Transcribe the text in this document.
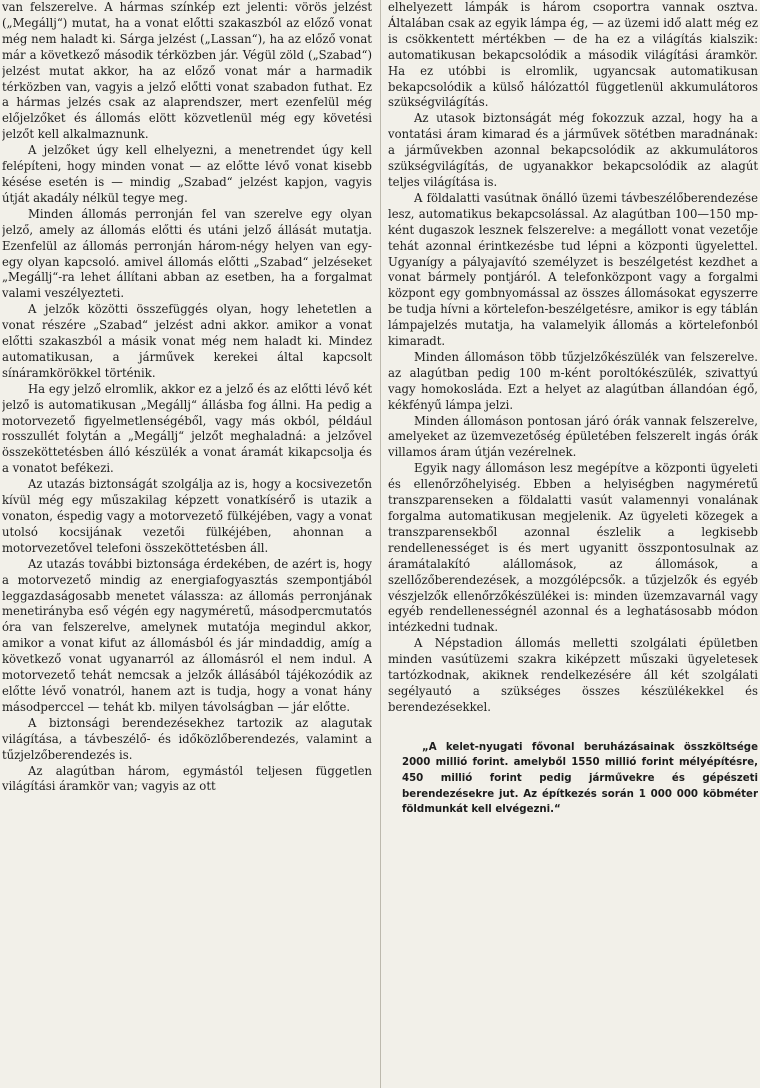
van felszerelve. A hármas színkép ezt jelenti: vörös jelzést („Megállj“) mutat, ha a vonat előtti szakaszból az előző vonat még nem haladt ki. Sárga jelzést („Lassan“), ha az előző vonat már a következő második térközben jár. Végül zöld („Szabad“) jelzést mutat akkor, ha az előző vonat már a harmadik térközben van, vagyis a jelző előtti vonat szabadon futhat. Ez a hármas jelzés csak az alaprendszer, mert ezenfelül még előjelzőket és állomás elött közvetlenül még egy követési jelzőt kell alkalmaznunk.

A jelzőket úgy kell elhelyezni, a menetrendet úgy kell felépíteni, hogy minden vonat — az előtte lévő vonat kisebb késése esetén is — mindig „Szabad“ jelzést kapjon, vagyis útját akadály nélkül tegye meg.

Minden állomás perronján fel van szerelve egy olyan jelző, amely az állomás előtti és utáni jelző állását mutatja. Ezenfelül az állomás perronján három-négy helyen van egy-egy olyan kapcsoló. amivel állomás előtti „Szabad“ jelzéseket „Megállj“-ra lehet állítani abban az esetben, ha a forgalmat valami veszélyezteti.

A jelzők közötti összefüggés olyan, hogy lehetetlen a vonat részére „Szabad“ jelzést adni akkor. amikor a vonat előtti szakaszból a másik vonat még nem haladt ki. Mindez automatikusan, a járművek kerekei által kapcsolt sínáramkörökkel történik.

Ha egy jelző elromlik, akkor ez a jelző és az előtti lévő két jelző is automatikusan „Megállj“ állásba fog állni. Ha pedig a motorvezető figyelmetlenségéből, vagy más okból, például rosszullét folytán a „Megállj“ jelzőt meghaladná: a jelzővel összeköttetésben álló készülék a vonat áramát kikapcsolja és a vonatot befékezi.

Az utazás biztonságát szolgálja az is, hogy a kocsivezetőn kívül még egy műszakilag képzett vonatkísérő is utazik a vonaton, éspedig vagy a motorvezető fülkéjében, vagy a vonat utolsó kocsijának vezetői fülkéjében, ahonnan a motorvezetővel telefoni összeköttetésben áll.

Az utazás további biztonsága érdekében, de azért is, hogy a motorvezető mindig az energiafogyasztás szempontjából leggazdaságosabb menetet válassza: az állomás perronjának menetirányba eső végén egy nagyméretű, másodpercmutatós óra van felszerelve, amelynek mutatója megindul akkor, amikor a vonat kifut az állomásból és jár mindaddig, amíg a következő vonat ugyanarról az állomásról el nem indul. A motorvezető tehát nemcsak a jelzők állásából tájékozódik az előtte lévő vonatról, hanem azt is tudja, hogy a vonat hány másodperccel — tehát kb. milyen távolságban — jár előtte.

A biztonsági berendezésekhez tartozik az alagutak világítása, a távbeszélő- és időközlőberendezés, valamint a tűzjelzőberendezés is.

Az alagútban három, egymástól teljesen független világítási áramkör van; vagyis az ott

elhelyezett lámpák is három csoportra vannak osztva. Általában csak az egyik lámpa ég, — az üzemi idő alatt még ez is csökkentett mértékben — de ha ez a világítás kialszik: automatikusan bekapcsolódik a második világítási áramkör. Ha ez utóbbi is elromlik, ugyancsak automatikusan bekapcsolódik a külső hálózattól függetlenül akkumulátoros szükségvilágítás.

Az utasok biztonságát még fokozzuk azzal, hogy ha a vontatási áram kimarad és a járművek sötétben maradnának: a járművekben azonnal bekapcsolódik az akkumulátoros szükségvilágítás, de ugyanakkor bekapcsolódik az alagút teljes világítása is.

A földalatti vasútnak önálló üzemi távbeszélőberendezése lesz, automatikus bekapcsolással. Az alagútban 100—150 mp-ként dugaszok lesznek felszerelve: a megállott vonat vezetője tehát azonnal érintkezésbe tud lépni a központi ügyelettel. Ugyanígy a pályajavító személyzet is beszélgetést kezdhet a vonat bármely pontjáról. A telefonközpont vagy a forgalmi központ egy gombnyomással az összes állomásokat egyszerre be tudja hívni a körtelefon-beszélgetésre, amikor is egy táblán lámpajelzés mutatja, ha valamelyik állomás a körtelefonból kimaradt.

Minden állomáson több tűzjelzőkészülék van felszerelve. az alagútban pedig 100 m-ként poroltókészülék, szivattyú vagy homokosláda. Ezt a helyet az alagútban állandóan égő, kékfényű lámpa jelzi.

Minden állomáson pontosan járó órák vannak felszerelve, amelyeket az üzemvezetőség épületében felszerelt ingás órák villamos áram útján vezérelnek.

Egyik nagy állomáson lesz megépítve a központi ügyeleti és ellenőrzőhelyiség. Ebben a helyiségben nagyméretű transzparenseken a földalatti vasút valamennyi vonalának forgalma automatikusan megjelenik. Az ügyeleti közegek a transzparensekből azonnal észlelik a legkisebb rendellenességet is és mert ugyanitt összpontosulnak az áramátalakító alállomások, az állomások, a szellőzőberendezések, a mozgólépcsők. a tűzjelzők és egyéb vészjelzők ellenőrzőkészülékei is: minden üzemzavarnál vagy egyéb rendellenességnél azonnal és a leghatásosabb módon intézkedni tudnak.

A Népstadion állomás melletti szolgálati épületben minden vasútüzemi szakra kiképzett műszaki ügyeletesek tartózkodnak, akiknek rendelkezésére áll két szolgálati segélyautó a szükséges összes készülékekkel és berendezésekkel.

„A kelet-nyugati fővonal beruházásainak összköltsége 2000 millió forint. amelyből 1550 millió forint mélyépítésre, 450 millió forint pedig járművekre és gépészeti berendezésekre jut. Az építkezés során 1 000 000 köbméter földmunkát kell elvégezni.“
